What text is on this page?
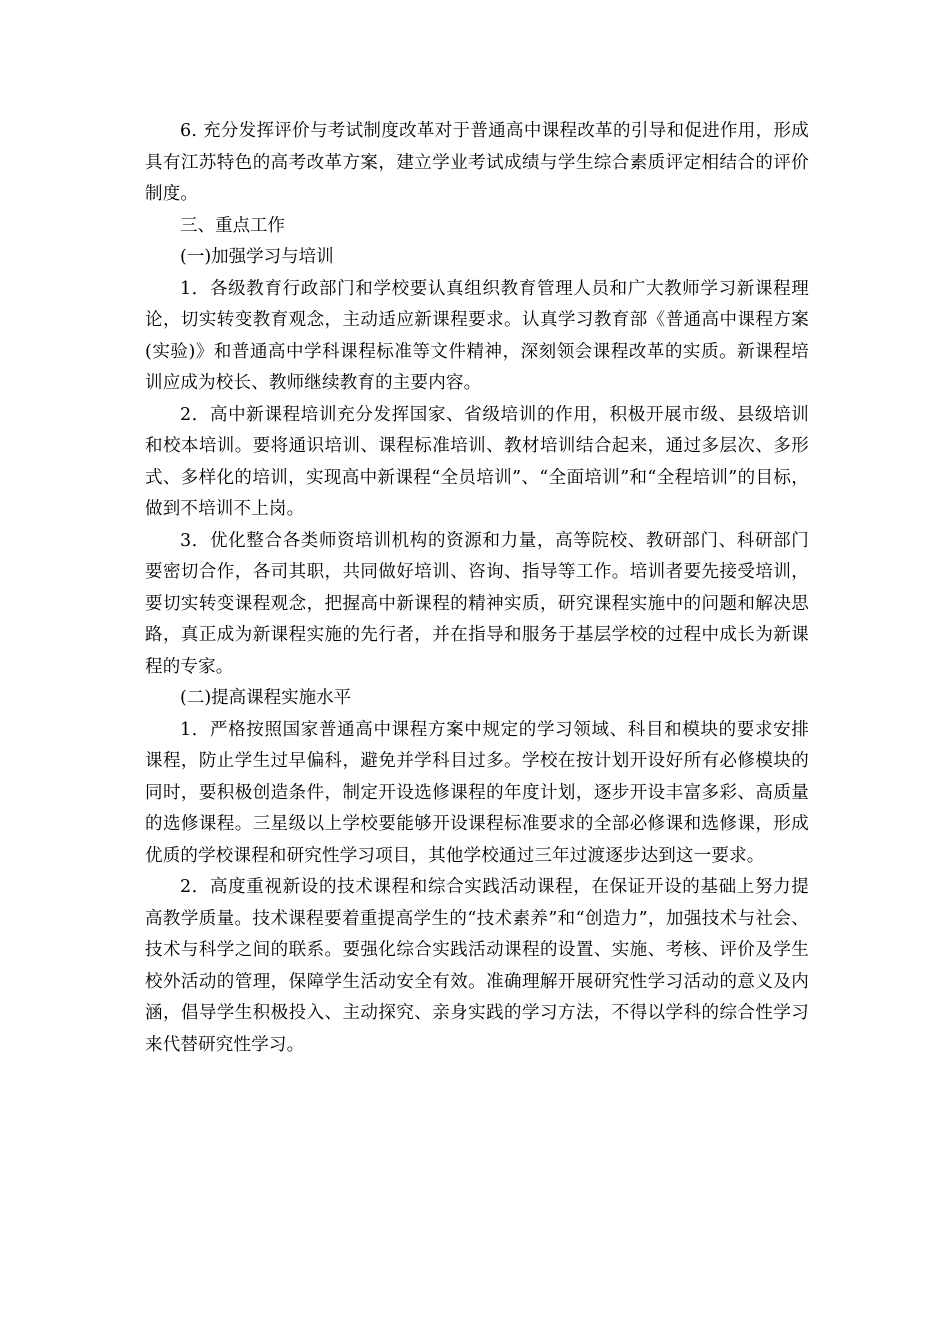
6. 充分发挥评价与考试制度改革对于普通高中课程改革的引导和促进作用，形成具有江苏特色的高考改革方案，建立学业考试成绩与学生综合素质评定相结合的评价制度。

三、重点工作

(一)加强学习与培训

1．各级教育行政部门和学校要认真组织教育管理人员和广大教师学习新课程理论，切实转变教育观念，主动适应新课程要求。认真学习教育部《普通高中课程方案(实验)》和普通高中学科课程标准等文件精神，深刻领会课程改革的实质。新课程培训应成为校长、教师继续教育的主要内容。

2．高中新课程培训充分发挥国家、省级培训的作用，积极开展市级、县级培训和校本培训。要将通识培训、课程标准培训、教材培训结合起来，通过多层次、多形式、多样化的培训，实现高中新课程“全员培训”、“全面培训”和“全程培训”的目标，做到不培训不上岗。

3．优化整合各类师资培训机构的资源和力量，高等院校、教研部门、科研部门要密切合作，各司其职，共同做好培训、咨询、指导等工作。培训者要先接受培训，要切实转变课程观念，把握高中新课程的精神实质，研究课程实施中的问题和解决思路，真正成为新课程实施的先行者，并在指导和服务于基层学校的过程中成长为新课程的专家。

(二)提高课程实施水平

1．严格按照国家普通高中课程方案中规定的学习领域、科目和模块的要求安排课程，防止学生过早偏科，避免并学科目过多。学校在按计划开设好所有必修模块的同时，要积极创造条件，制定开设选修课程的年度计划，逐步开设丰富多彩、高质量的选修课程。三星级以上学校要能够开设课程标准要求的全部必修课和选修课，形成优质的学校课程和研究性学习项目，其他学校通过三年过渡逐步达到这一要求。

2．高度重视新设的技术课程和综合实践活动课程，在保证开设的基础上努力提高教学质量。技术课程要着重提高学生的“技术素养”和“创造力”，加强技术与社会、技术与科学之间的联系。要强化综合实践活动课程的设置、实施、考核、评价及学生校外活动的管理，保障学生活动安全有效。准确理解开展研究性学习活动的意义及内涵，倡导学生积极投入、主动探究、亲身实践的学习方法，不得以学科的综合性学习来代替研究性学习。
